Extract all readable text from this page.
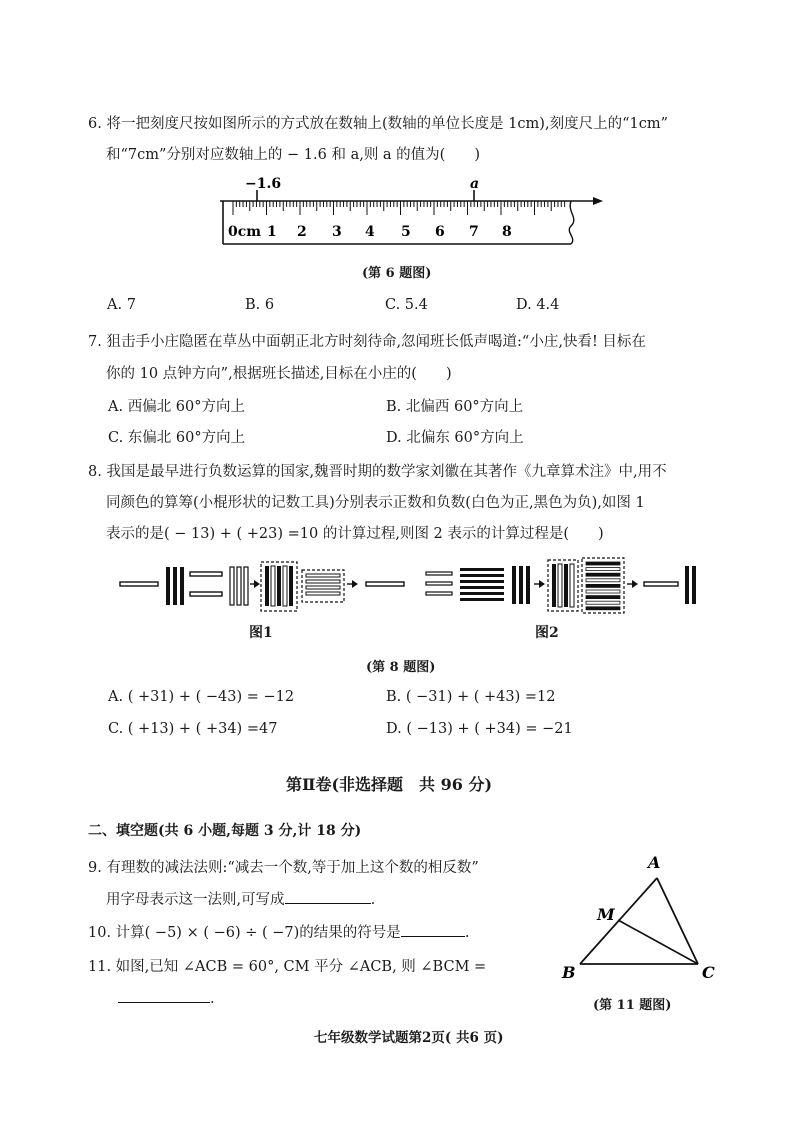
6. 将一把刻度尺按如图所示的方式放在数轴上(数轴的单位长度是 1cm),刻度尺上的“1cm”
和“7cm”分别对应数轴上的 − 1.6 和 a,则 a 的值为(　　)
−1.6	a
0cm 1 2 3 4 5 6 7 8
(第 6 题图)
A. 7	B. 6	C. 5.4	D. 4.4
7. 狙击手小庄隐匿在草丛中面朝正北方时刻待命,忽闻班长低声喝道:“小庄,快看! 目标在
你的 10 点钟方向”,根据班长描述,目标在小庄的(　　)
A. 西偏北 60°方向上	B. 北偏西 60°方向上
C. 东偏北 60°方向上	D. 北偏东 60°方向上
8. 我国是最早进行负数运算的国家,魏晋时期的数学家刘徽在其著作《九章算术注》中,用不
同颜色的算筹(小棍形状的记数工具)分别表示正数和负数(白色为正,黑色为负),如图 1
表示的是( − 13) + ( +23) =10 的计算过程,则图 2 表示的计算过程是(　　)
图1	图2
(第 8 题图)
A. ( +31) + ( −43) = −12	B. ( −31) + ( +43) =12
C. ( +13) + ( +34) =47	D. ( −13) + ( +34) = −21
第Ⅱ卷(非选择题　共 96 分)
二、填空题(共 6 小题,每题 3 分,计 18 分)
9. 有理数的减法法则:“减去一个数,等于加上这个数的相反数”
用字母表示这一法则,可写成	.
10. 计算( −5) × ( −6) ÷ ( −7)的结果的符号是	.
11. 如图,已知 ∠ACB = 60°, CM 平分 ∠ACB, 则 ∠BCM =
.
A
M
B	C
(第 11 题图)
七年级数学试题第2页( 共6 页)
